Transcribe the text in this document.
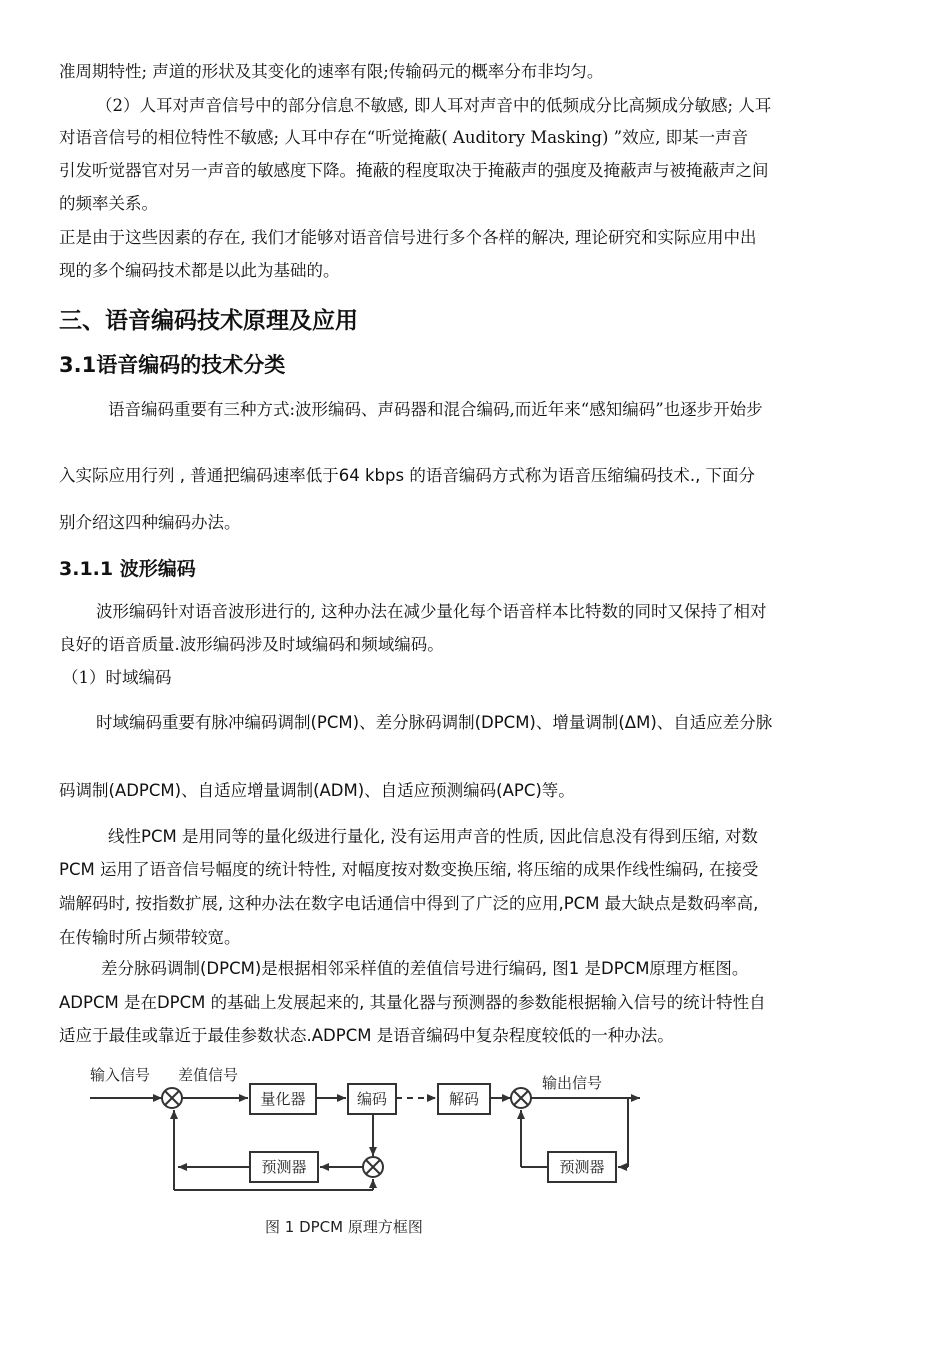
准周期特性; 声道的形状及其变化的速率有限;传输码元的概率分布非均匀。
（2）人耳对声音信号中的部分信息不敏感, 即人耳对声音中的低频成分比高频成分敏感; 人耳
对语音信号的相位特性不敏感; 人耳中存在“听觉掩蔽( Auditory Masking) ”效应, 即某一声音
引发听觉器官对另一声音的敏感度下降。掩蔽的程度取决于掩蔽声的强度及掩蔽声与被掩蔽声之间
的频率关系。
正是由于这些因素的存在, 我们才能够对语音信号进行多个各样的解决, 理论研究和实际应用中出
现的多个编码技术都是以此为基础的。
三、语音编码技术原理及应用
3.1语音编码的技术分类
语音编码重要有三种方式:波形编码、声码器和混合编码,而近年来“感知编码”也逐步开始步
入实际应用行列 , 普通把编码速率低于64 kbps 的语音编码方式称为语音压缩编码技术., 下面分
别介绍这四种编码办法。
3.1.1 波形编码
波形编码针对语音波形进行的, 这种办法在减少量化每个语音样本比特数的同时又保持了相对
良好的语音质量.波形编码涉及时域编码和频域编码。
（1）时域编码
时域编码重要有脉冲编码调制(PCM)、差分脉码调制(DPCM)、增量调制(ΔM)、自适应差分脉
码调制(ADPCM)、自适应增量调制(ADM)、自适应预测编码(APC)等。
线性PCM 是用同等的量化级进行量化, 没有运用声音的性质, 因此信息没有得到压缩, 对数
PCM 运用了语音信号幅度的统计特性, 对幅度按对数变换压缩, 将压缩的成果作线性编码, 在接受
端解码时, 按指数扩展, 这种办法在数字电话通信中得到了广泛的应用,PCM 最大缺点是数码率高,
在传输时所占频带较宽。
差分脉码调制(DPCM)是根据相邻采样值的差值信号进行编码, 图1 是DPCM原理方框图。
ADPCM 是在DPCM 的基础上发展起来的, 其量化器与预测器的参数能根据输入信号的统计特性自
适应于最佳或靠近于最佳参数状态.ADPCM 是语音编码中复杂程度较低的一种办法。
输入信号 差值信号
量化器	编码	解码
输出信号
预测器	预测器
图 1 DPCM 原理方框图
